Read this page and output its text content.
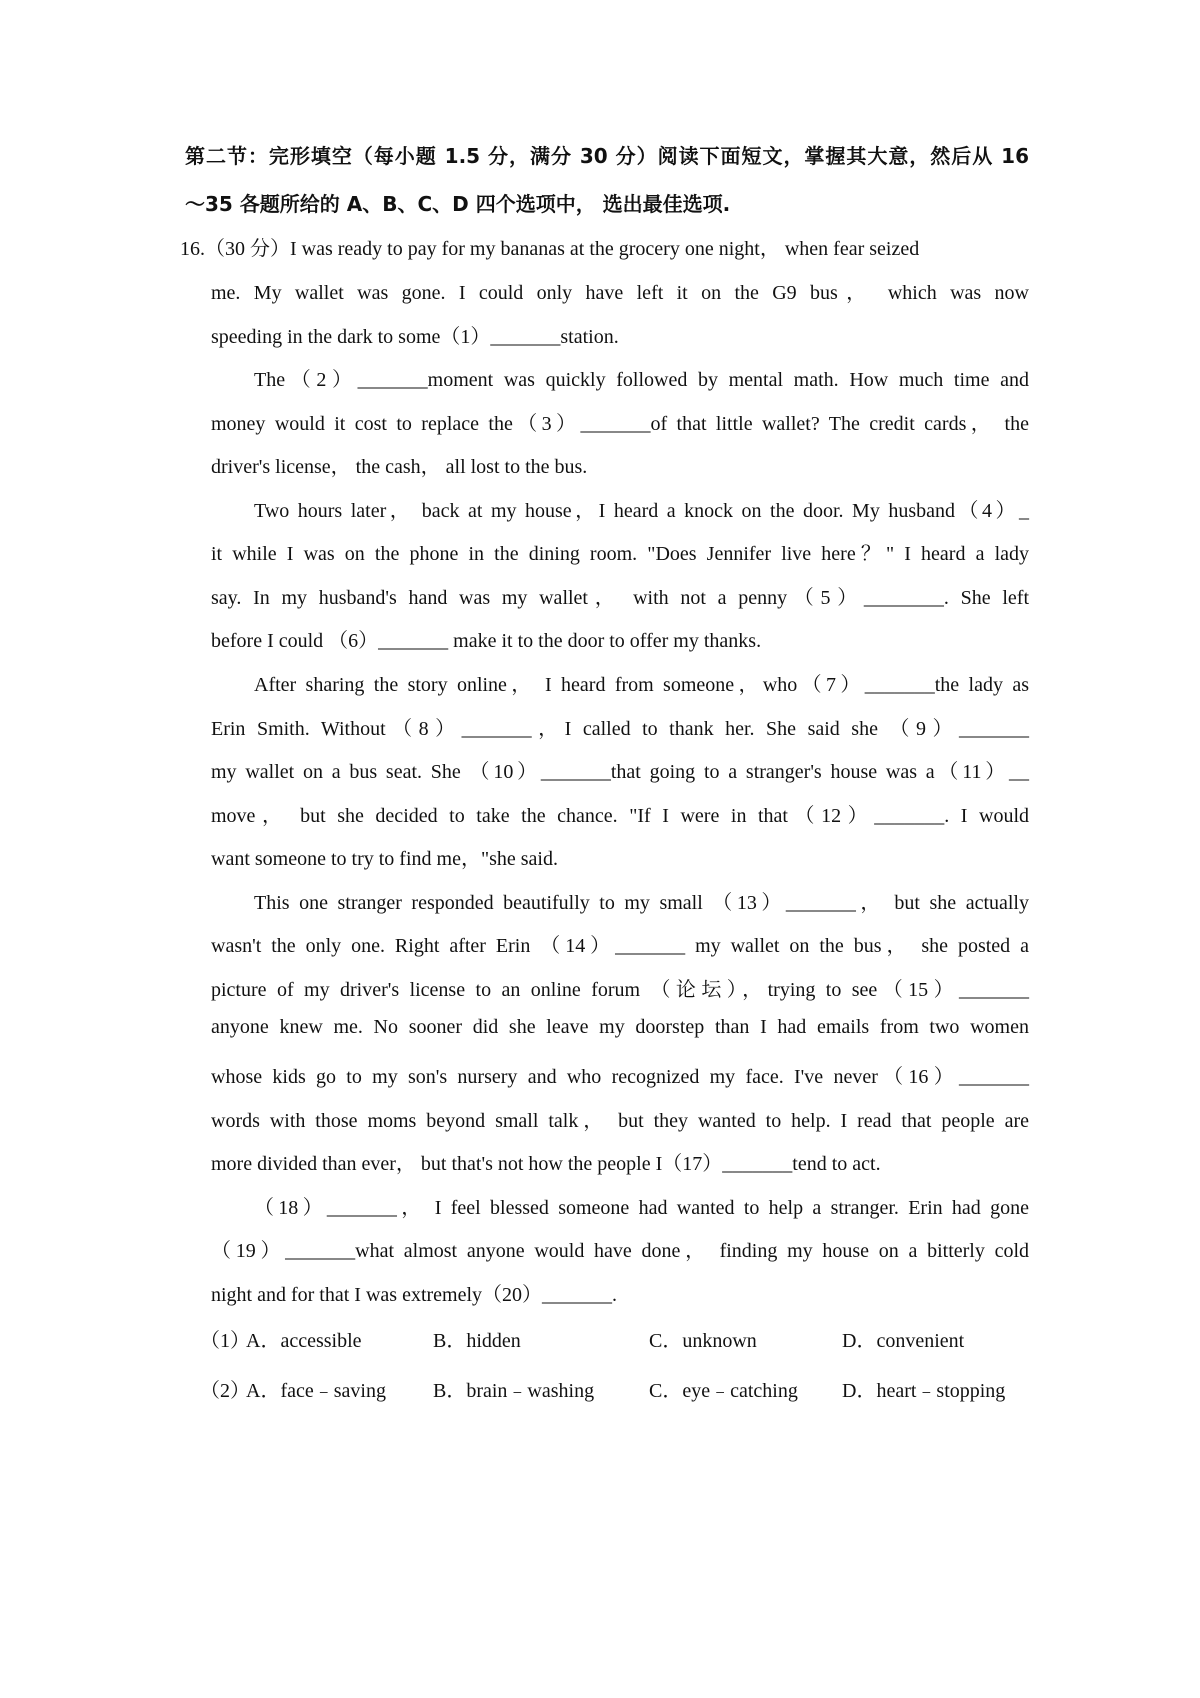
第二节：完形填空（每小题 1.5 分，满分 30 分）阅读下面短文，掌握其大意，然后从 16
～35 各题所给的 A、B、C、D 四个选项中， 选出最佳选项.
16.（30 分）I was ready to pay for my bananas at the grocery one night， when fear seized
me. My wallet was gone. I could only have left it on the G9 bus， which was now
speeding in the dark to some（1）_______station.
The（2）_______moment was quickly followed by mental math. How much time and
money would it cost to replace the（3）_______of that little wallet? The credit cards， the
driver's license， the cash， all lost to the bus.
Two hours later， back at my house，I heard a knock on the door. My husband（4）_
it while I was on the phone in the dining room. "Does Jennifer live here？" I heard a lady
say. In my husband's hand was my wallet， with not a penny（5）________. She left
before I could （6）_______ make it to the door to offer my thanks.
After sharing the story online， I heard from someone，who（7）_______the lady as
Erin Smith. Without（8）_______，I called to thank her. She said she （9）_______
my wallet on a bus seat. She （10）_______that going to a stranger's house was a（11）__
move， but she decided to take the chance. "If I were in that（12）_______. I would
want someone to try to find me，"she said.
This one stranger responded beautifully to my small （13）_______， but she actually
wasn't the only one. Right after Erin （14）_______ my wallet on the bus， she posted a
picture of my driver's license to an online forum （论坛），trying to see（15）_______
anyone knew me. No sooner did she leave my doorstep than I had emails from two women
whose kids go to my son's nursery and who recognized my face. I've never（16）_______
words with those moms beyond small talk， but they wanted to help. I read that people are
more divided than ever， but that's not how the people I（17）_______tend to act.
（18）_______， I feel blessed someone had wanted to help a stranger. Erin had gone
（19）_______what almost anyone would have done， finding my house on a bitterly cold
night and for that I was extremely（20）_______.
（1）
A．accessible	B．hidden	C．unknown	D．convenient
（2）
A．face﹣saving B．brain﹣washing	C．eye﹣catching D．heart﹣stopping
